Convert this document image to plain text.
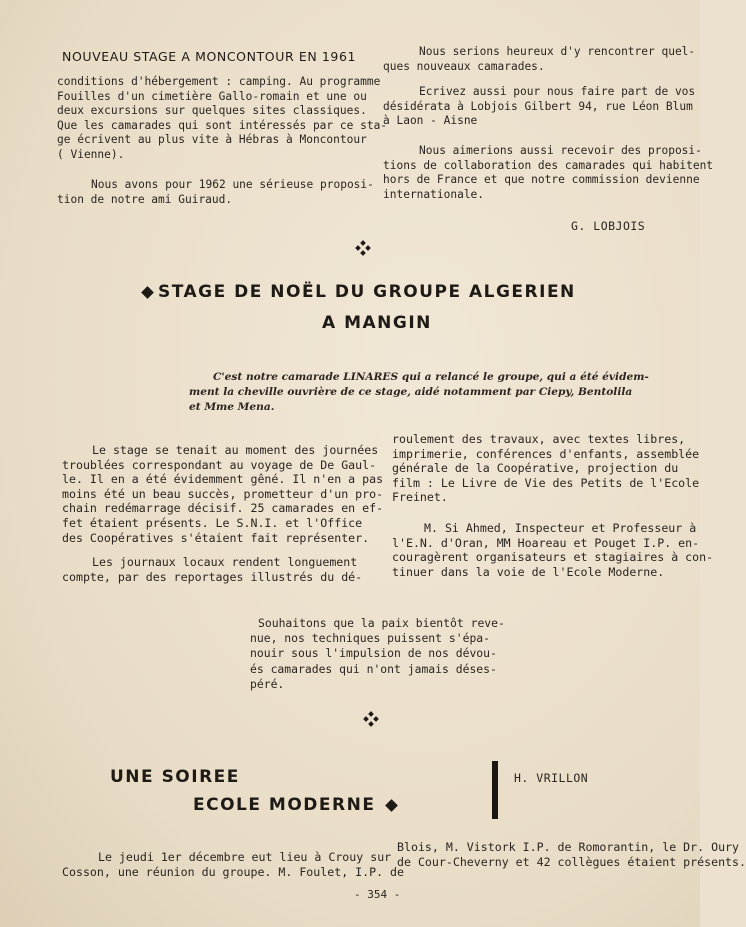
NOUVEAU STAGE A MONCONTOUR EN 1961
conditions d'hébergement : camping. Au programme
Fouilles d'un cimetière Gallo-romain et une ou
deux excursions sur quelques sites classiques.
Que les camarades qui sont intéressés par ce sta-
ge écrivent au plus vite à Hébras à Moncontour
( Vienne).
Nous avons pour 1962 une sérieuse proposi-
tion de notre ami Guiraud.
Nous serions heureux d'y rencontrer quel-
ques nouveaux camarades.
Ecrivez aussi pour nous faire part de vos
désidérata à Lobjois Gilbert 94, rue Léon Blum
à Laon - Aisne
Nous aimerions aussi recevoir des proposi-
tions de collaboration des camarades qui habitent
hors de France et que notre commission devienne
internationale.
G. LOBJOIS
STAGE DE NOËL DU GROUPE ALGERIEN
A MANGIN
C'est notre camarade LINARES qui a relancé le groupe, qui a été évidem-
ment la cheville ouvrière de ce stage, aidé notamment par Ciepy, Bentolila
et Mme Mena.
Le stage se tenait au moment des journées
troublées correspondant au voyage de De Gaul-
le. Il en a été évidemment gêné. Il n'en a pas
moins été un beau succès, prometteur d'un pro-
chain redémarrage décisif. 25 camarades en ef-
fet étaient présents. Le S.N.I. et l'Office
des Coopératives s'étaient fait représenter.
Les journaux locaux rendent longuement
compte, par des reportages illustrés du dé-
roulement des travaux, avec textes libres,
imprimerie, conférences d'enfants, assemblée
générale de la Coopérative, projection du
film : Le Livre de Vie des Petits de l'Ecole
Freinet.
M. Si Ahmed, Inspecteur et Professeur à
l'E.N. d'Oran, MM Hoareau et Pouget I.P. en-
couragèrent organisateurs et stagiaires à con-
tinuer dans la voie de l'Ecole Moderne.
Souhaitons que la paix bientôt reve-
nue, nos techniques puissent s'épa-
nouir sous l'impulsion de nos dévou-
és camarades qui n'ont jamais déses-
péré.
UNE SOIREE
ECOLE MODERNE
H. VRILLON
Le jeudi 1er décembre eut lieu à Crouy sur
Cosson, une réunion du groupe. M. Foulet, I.P. de
Blois, M. Vistork I.P. de Romorantin, le Dr. Oury
de Cour-Cheverny et 42 collègues étaient présents.
- 354 -
